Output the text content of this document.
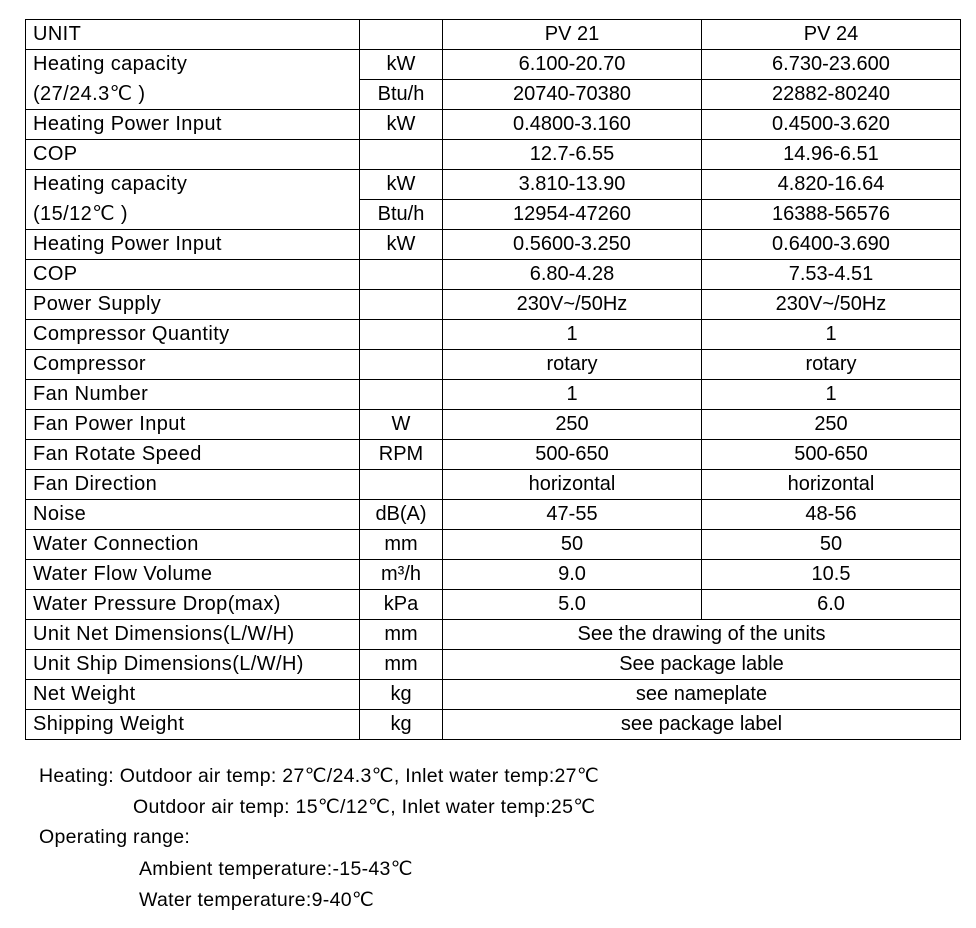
UNIT		PV 21	PV 24
Heating capacity	kW	6.100-20.70	6.730-23.600
(27/24.3℃ )	Btu/h	20740-70380	22882-80240
Heating Power Input	kW	0.4800-3.160	0.4500-3.620
COP		12.7-6.55	14.96-6.51
Heating capacity	kW	3.810-13.90	4.820-16.64
(15/12℃ )	Btu/h	12954-47260	16388-56576
Heating Power Input	kW	0.5600-3.250	0.6400-3.690
COP		6.80-4.28	7.53-4.51
Power Supply		230V~/50Hz	230V~/50Hz
Compressor Quantity		1	1
Compressor		rotary	rotary
Fan Number		1	1
Fan Power Input	W	250	250
Fan Rotate Speed	RPM	500-650	500-650
Fan Direction		horizontal	horizontal
Noise	dB(A)	47-55	48-56
Water Connection	mm	50	50
Water Flow Volume	m³/h	9.0	10.5
Water Pressure Drop(max)	kPa	5.0	6.0
Unit Net Dimensions(L/W/H)	mm	See the drawing of the units	
Unit Ship Dimensions(L/W/H)	mm	See package lable	
Net Weight	kg	see nameplate	
Shipping Weight	kg	see package label	
Heating: Outdoor air temp: 27℃/24.3℃, Inlet water temp:27℃
Outdoor air temp: 15℃/12℃, Inlet water temp:25℃
Operating range:
Ambient temperature:-15-43℃
Water temperature:9-40℃
